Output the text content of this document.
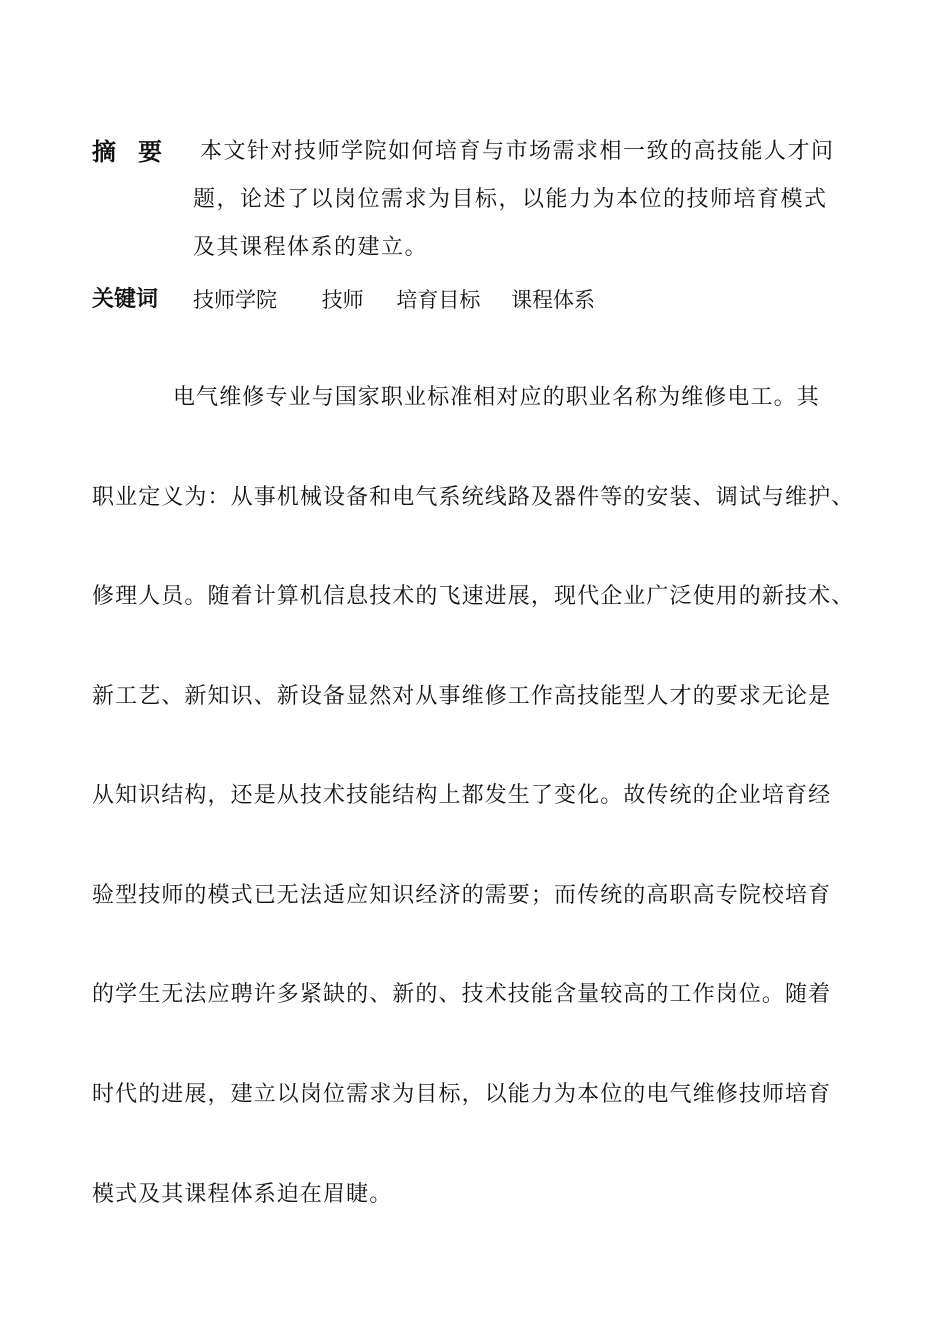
摘要 本文针对技师学院如何培育与市场需求相一致的高技能人才问
题，论述了以岗位需求为目标，以能力为本位的技师培育模式
及其课程体系的建立。
关键词 技师学院 技师 培育目标 课程体系
电气维修专业与国家职业标准相对应的职业名称为维修电工。其
职业定义为：从事机械设备和电气系统线路及器件等的安装、调试与维护、
修理人员。随着计算机信息技术的飞速进展，现代企业广泛使用的新技术、
新工艺、新知识、新设备显然对从事维修工作高技能型人才的要求无论是
从知识结构，还是从技术技能结构上都发生了变化。故传统的企业培育经
验型技师的模式已无法适应知识经济的需要；而传统的高职高专院校培育
的学生无法应聘许多紧缺的、新的、技术技能含量较高的工作岗位。随着
时代的进展，建立以岗位需求为目标，以能力为本位的电气维修技师培育
模式及其课程体系迫在眉睫。
